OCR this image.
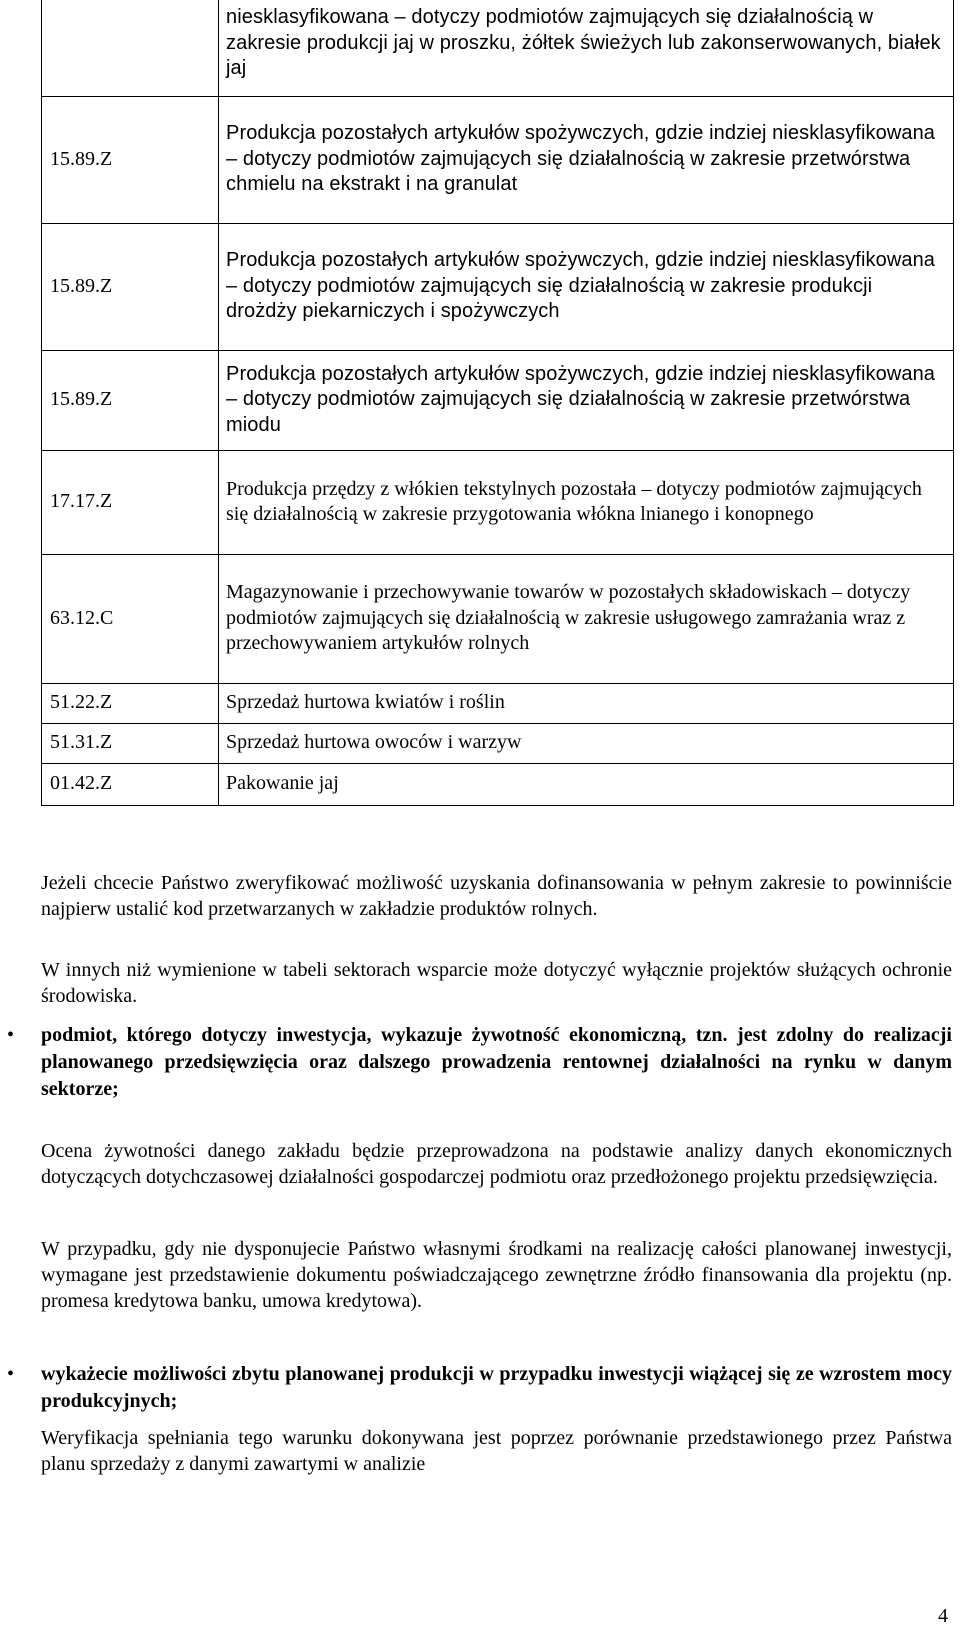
	niesklasyfikowana – dotyczy podmiotów zajmujących się działalnością w zakresie produkcji jaj w proszku, żółtek świeżych lub zakonserwowanych, białek jaj
15.89.Z	Produkcja pozostałych artykułów spożywczych, gdzie indziej niesklasyfikowana – dotyczy podmiotów zajmujących się działalnością w zakresie przetwórstwa chmielu na ekstrakt i na granulat
15.89.Z	Produkcja pozostałych artykułów spożywczych, gdzie indziej niesklasyfikowana – dotyczy podmiotów zajmujących się działalnością w zakresie produkcji drożdży piekarniczych i spożywczych
15.89.Z	Produkcja pozostałych artykułów spożywczych, gdzie indziej niesklasyfikowana – dotyczy podmiotów zajmujących się działalnością w zakresie przetwórstwa miodu
17.17.Z	Produkcja przędzy z włókien tekstylnych pozostała – dotyczy podmiotów zajmujących się działalnością w zakresie przygotowania włókna lnianego i konopnego
63.12.C	Magazynowanie i przechowywanie towarów w pozostałych składowiskach – dotyczy podmiotów zajmujących się działalnością w zakresie usługowego zamrażania wraz z przechowywaniem artykułów rolnych
51.22.Z	Sprzedaż hurtowa kwiatów i roślin
51.31.Z	Sprzedaż hurtowa owoców i warzyw
01.42.Z	Pakowanie jaj
Jeżeli chcecie Państwo zweryfikować możliwość uzyskania dofinansowania w pełnym zakresie to powinniście najpierw ustalić kod przetwarzanych w zakładzie produktów rolnych.
W innych niż wymienione w tabeli sektorach wsparcie może dotyczyć wyłącznie projektów służących ochronie środowiska.
• podmiot, którego dotyczy inwestycja, wykazuje żywotność ekonomiczną, tzn. jest zdolny do realizacji planowanego przedsięwzięcia oraz dalszego prowadzenia rentownej działalności na rynku w danym sektorze;
Ocena żywotności danego zakładu będzie przeprowadzona na podstawie analizy danych ekonomicznych dotyczących dotychczasowej działalności gospodarczej podmiotu oraz przedłożonego projektu przedsięwzięcia.
W przypadku, gdy nie dysponujecie Państwo własnymi środkami na realizację całości planowanej inwestycji, wymagane jest przedstawienie dokumentu poświadczającego zewnętrzne źródło finansowania dla projektu (np. promesa kredytowa banku, umowa kredytowa).
• wykażecie możliwości zbytu planowanej produkcji w przypadku inwestycji wiążącej się ze wzrostem mocy produkcyjnych;
Weryfikacja spełniania tego warunku dokonywana jest poprzez porównanie przedstawionego przez Państwa planu sprzedaży z danymi zawartymi w analizie
4
